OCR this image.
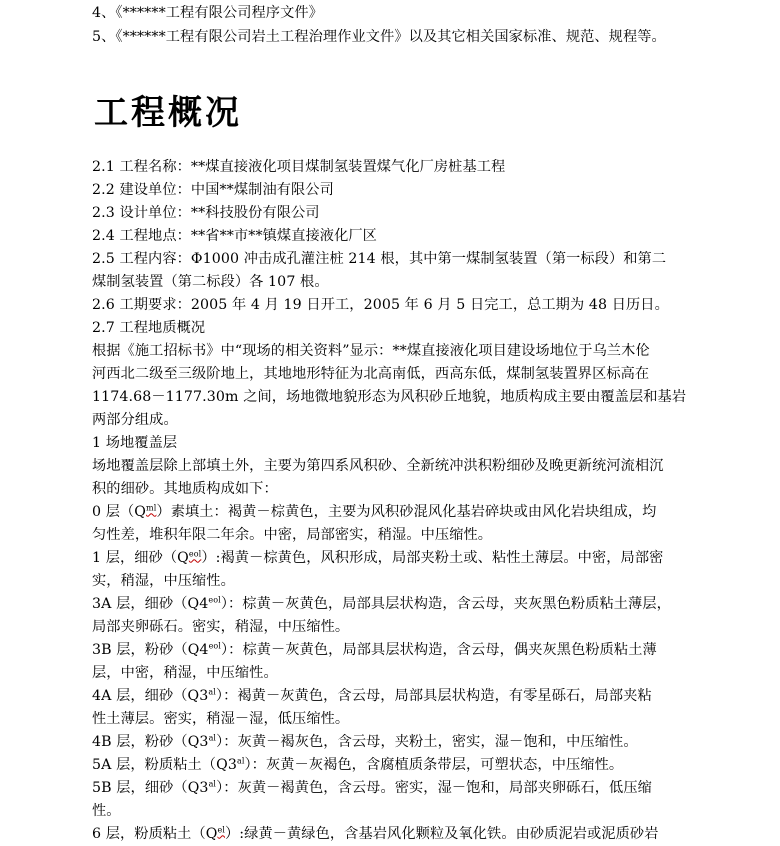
4、《******工程有限公司程序文件》
5、《******工程有限公司岩土工程治理作业文件》以及其它相关国家标准、规范、规程等。
工程概况
2.1 工程名称：**煤直接液化项目煤制氢装置煤气化厂房桩基工程
2.2 建设单位：中国**煤制油有限公司
2.3 设计单位：**科技股份有限公司
2.4 工程地点：**省**市**镇煤直接液化厂区
2.5 工程内容：Φ1000 冲击成孔灌注桩 214 根，其中第一煤制氢装置（第一标段）和第二
煤制氢装置（第二标段）各 107 根。
2.6 工期要求：2005 年 4 月 19 日开工，2005 年 6 月 5 日完工，总工期为 48 日历日。
2.7 工程地质概况
根据《施工招标书》中“现场的相关资料”显示：**煤直接液化项目建设场地位于乌兰木伦
河西北二级至三级阶地上，其地地形特征为北高南低，西高东低，煤制氢装置界区标高在
1174.68－1177.30m 之间，场地微地貌形态为风积砂丘地貌，地质构成主要由覆盖层和基岩
两部分组成。
1 场地覆盖层
场地覆盖层除上部填土外，主要为第四系风积砂、全新统冲洪积粉细砂及晚更新统河流相沉
积的细砂。其地质构成如下：
0 层$(Q^{ml})$素填土：褐黄－棕黄色，主要为风积砂混风化基岩碎块或由风化岩块组成，均
匀性差，堆积年限二年余。中密，局部密实，稍湿。中压缩性。
1 层，细砂$(Q^{eol})$:褐黄－棕黄色，风积形成，局部夹粉土或、粘性土薄层。中密，局部密
实，稍湿，中压缩性。
3A 层，细砂$(Q4^{eol})$：棕黄－灰黄色，局部具层状构造，含云母，夹灰黑色粉质粘土薄层，
局部夹卵砾石。密实，稍湿，中压缩性。
3B 层，粉砂$(Q4^{eol})$：棕黄－灰黄色，局部具层状构造，含云母，偶夹灰黑色粉质粘土薄
层，中密，稍湿，中压缩性。
4A 层，细砂$(Q3^{al})$：褐黄－灰黄色，含云母，局部具层状构造，有零星砾石，局部夹粘
性土薄层。密实，稍湿－湿，低压缩性。
4B 层，粉砂$(Q3^{al})$：灰黄－褐灰色，含云母，夹粉土，密实，湿－饱和，中压缩性。
5A 层，粉质粘土$(Q3^{al})$：灰黄－灰褐色，含腐植质条带层，可塑状态，中压缩性。
5B 层，细砂$(Q3^{al})$：灰黄－褐黄色，含云母。密实，湿－饱和，局部夹卵砾石，低压缩
性。
6 层，粉质粘土$(Q^{el})$:绿黄－黄绿色，含基岩风化颗粒及氧化铁。由砂质泥岩或泥质砂岩
